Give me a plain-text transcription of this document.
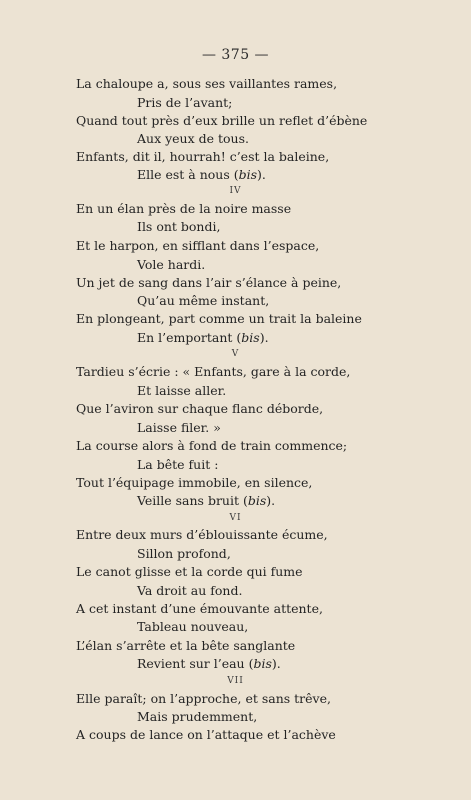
— 375 —
La chaloupe a, sous ses vaillantes rames,
Pris de l’avant;
Quand tout près d’eux brille un reflet d’ébène
Aux yeux de tous.
Enfants, dit il, hourrah! c’est la baleine,
Elle est à nous (bis).
IV
En un élan près de la noire masse
Ils ont bondi,
Et le harpon, en sifflant dans l’espace,
Vole hardi.
Un jet de sang dans l’air s’élance à peine,
Qu’au même instant,
En plongeant, part comme un trait la baleine
En l’emportant (bis).
V
Tardieu s’écrie : « Enfants, gare à la corde,
Et laisse aller.
Que l’aviron sur chaque flanc déborde,
Laisse filer. »
La course alors à fond de train commence;
La bête fuit :
Tout l’équipage immobile, en silence,
Veille sans bruit (bis).
VI
Entre deux murs d’éblouissante écume,
Sillon profond,
Le canot glisse et la corde qui fume
Va droit au fond.
A cet instant d’une émouvante attente,
Tableau nouveau,
L’élan s’arrête et la bête sanglante
Revient sur l’eau (bis).
VII
Elle paraît; on l’approche, et sans trêve,
Mais prudemment,
A coups de lance on l’attaque et l’achève
